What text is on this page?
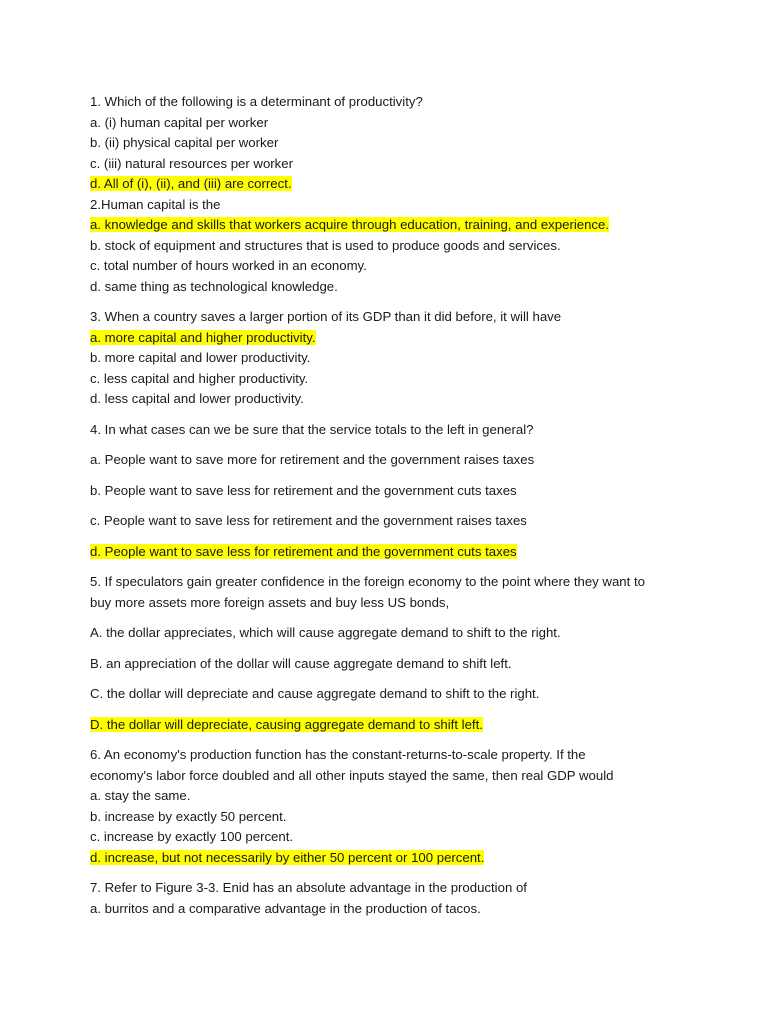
1. Which of the following is a determinant of productivity?
a. (i) human capital per worker
b. (ii) physical capital per worker
c. (iii) natural resources per worker
d. All of (i), (ii), and (iii) are correct.
2.Human capital is the
a. knowledge and skills that workers acquire through education, training, and experience.
b. stock of equipment and structures that is used to produce goods and services.
c. total number of hours worked in an economy.
d. same thing as technological knowledge.
3. When a country saves a larger portion of its GDP than it did before, it will have
a. more capital and higher productivity.
b. more capital and lower productivity.
c. less capital and higher productivity.
d. less capital and lower productivity.
4. In what cases can we be sure that the service totals to the left in general?
a. People want to save more for retirement and the government raises taxes
b. People want to save less for retirement and the government cuts taxes
c. People want to save less for retirement and the government raises taxes
d. People want to save less for retirement and the government cuts taxes
5. If speculators gain greater confidence in the foreign economy to the point where they want to
buy more assets more foreign assets and buy less US bonds,
A. the dollar appreciates, which will cause aggregate demand to shift to the right.
B. an appreciation of the dollar will cause aggregate demand to shift left.
C. the dollar will depreciate and cause aggregate demand to shift to the right.
D. the dollar will depreciate, causing aggregate demand to shift left.
6. An economy's production function has the constant-returns-to-scale property. If the
economy's labor force doubled and all other inputs stayed the same, then real GDP would
a. stay the same.
b. increase by exactly 50 percent.
c. increase by exactly 100 percent.
d. increase, but not necessarily by either 50 percent or 100 percent.
7. Refer to Figure 3-3. Enid has an absolute advantage in the production of
a. burritos and a comparative advantage in the production of tacos.
